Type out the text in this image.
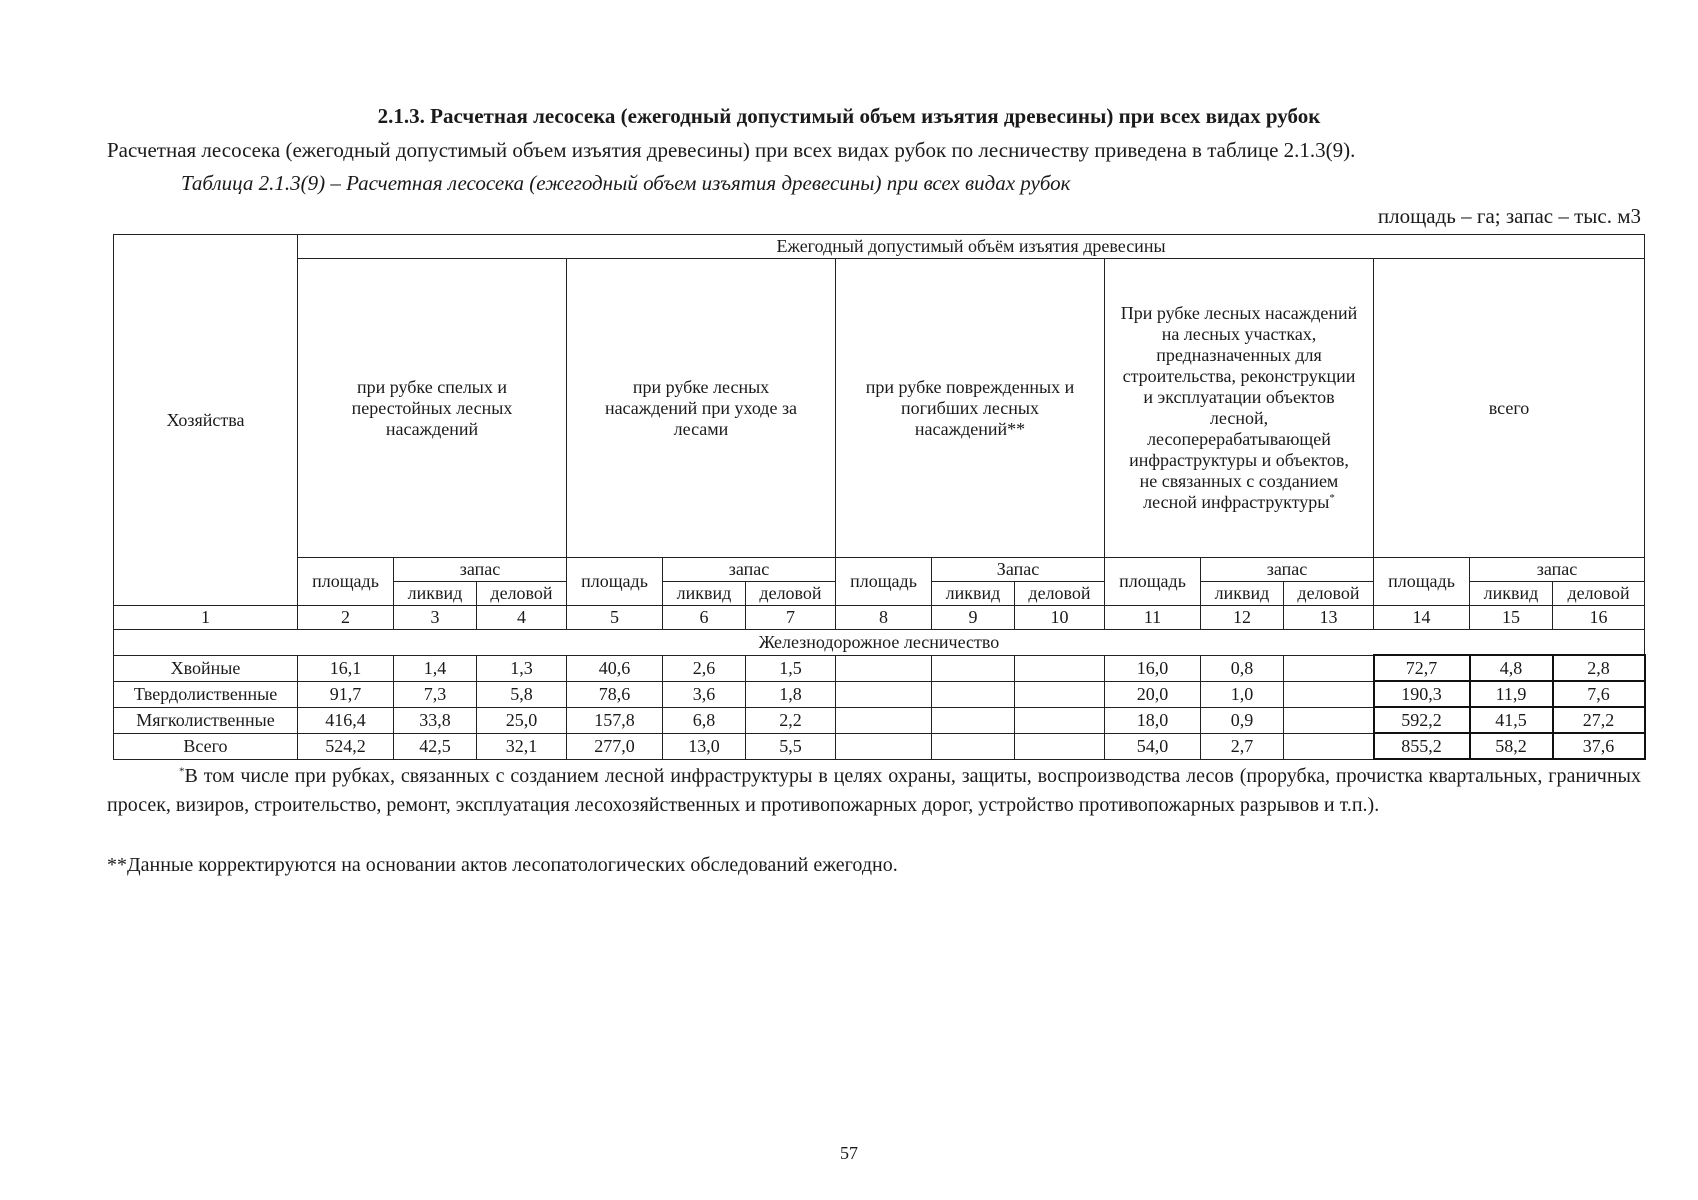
2.1.3. Расчетная лесосека (ежегодный допустимый объем изъятия древесины) при всех видах рубок
Расчетная лесосека (ежегодный допустимый объем изъятия древесины) при всех видах рубок по лесничеству приведена в таблице 2.1.3(9).
Таблица 2.1.3(9) – Расчетная лесосека (ежегодный объем изъятия древесины) при всех видах рубок
площадь – га; запас – тыс. м3
Хозяйства	Ежегодный допустимый объём изъятия древесины														

	при рубке спелых и перестойных лесных насаждений			при рубке лесных насаждений при уходе за лесами			при рубке поврежденных и погибших лесных насаждений**			При рубке лесных насаждений на лесных участках, предназначенных для строительства, реконструкции и эксплуатации объектов лесной, лесоперерабатывающей инфраструктуры и объектов, не связанных с созданием лесной инфраструктуры*			всего		
	площадь	запас		площадь	запас		площадь	Запас		площадь	запас		площадь	запас	
		ликвид	деловой		ликвид	деловой		ликвид	деловой		ликвид	деловой		ликвид	деловой
1	2	3	4	5	6	7	8	9	10	11	12	13	14	15	16
Железнодорожное лесничество															
Хвойные	16,1	1,4	1,3	40,6	2,6	1,5				16,0	0,8		72,7	4,8	2,8
Твердолиственные	91,7	7,3	5,8	78,6	3,6	1,8				20,0	1,0		190,3	11,9	7,6
Мягколиственные	416,4	33,8	25,0	157,8	6,8	2,2				18,0	0,9		592,2	41,5	27,2
Всего	524,2	42,5	32,1	277,0	13,0	5,5				54,0	2,7		855,2	58,2	37,6
*В том числе при рубках, связанных с созданием лесной инфраструктуры в целях охраны, защиты, воспроизводства лесов (прорубка, прочистка квартальных, граничных просек, визиров, строительство, ремонт, эксплуатация лесохозяйственных и противопожарных дорог, устройство противопожарных разрывов и т.п.).
**Данные корректируются на основании актов лесопатологических обследований ежегодно.
57
